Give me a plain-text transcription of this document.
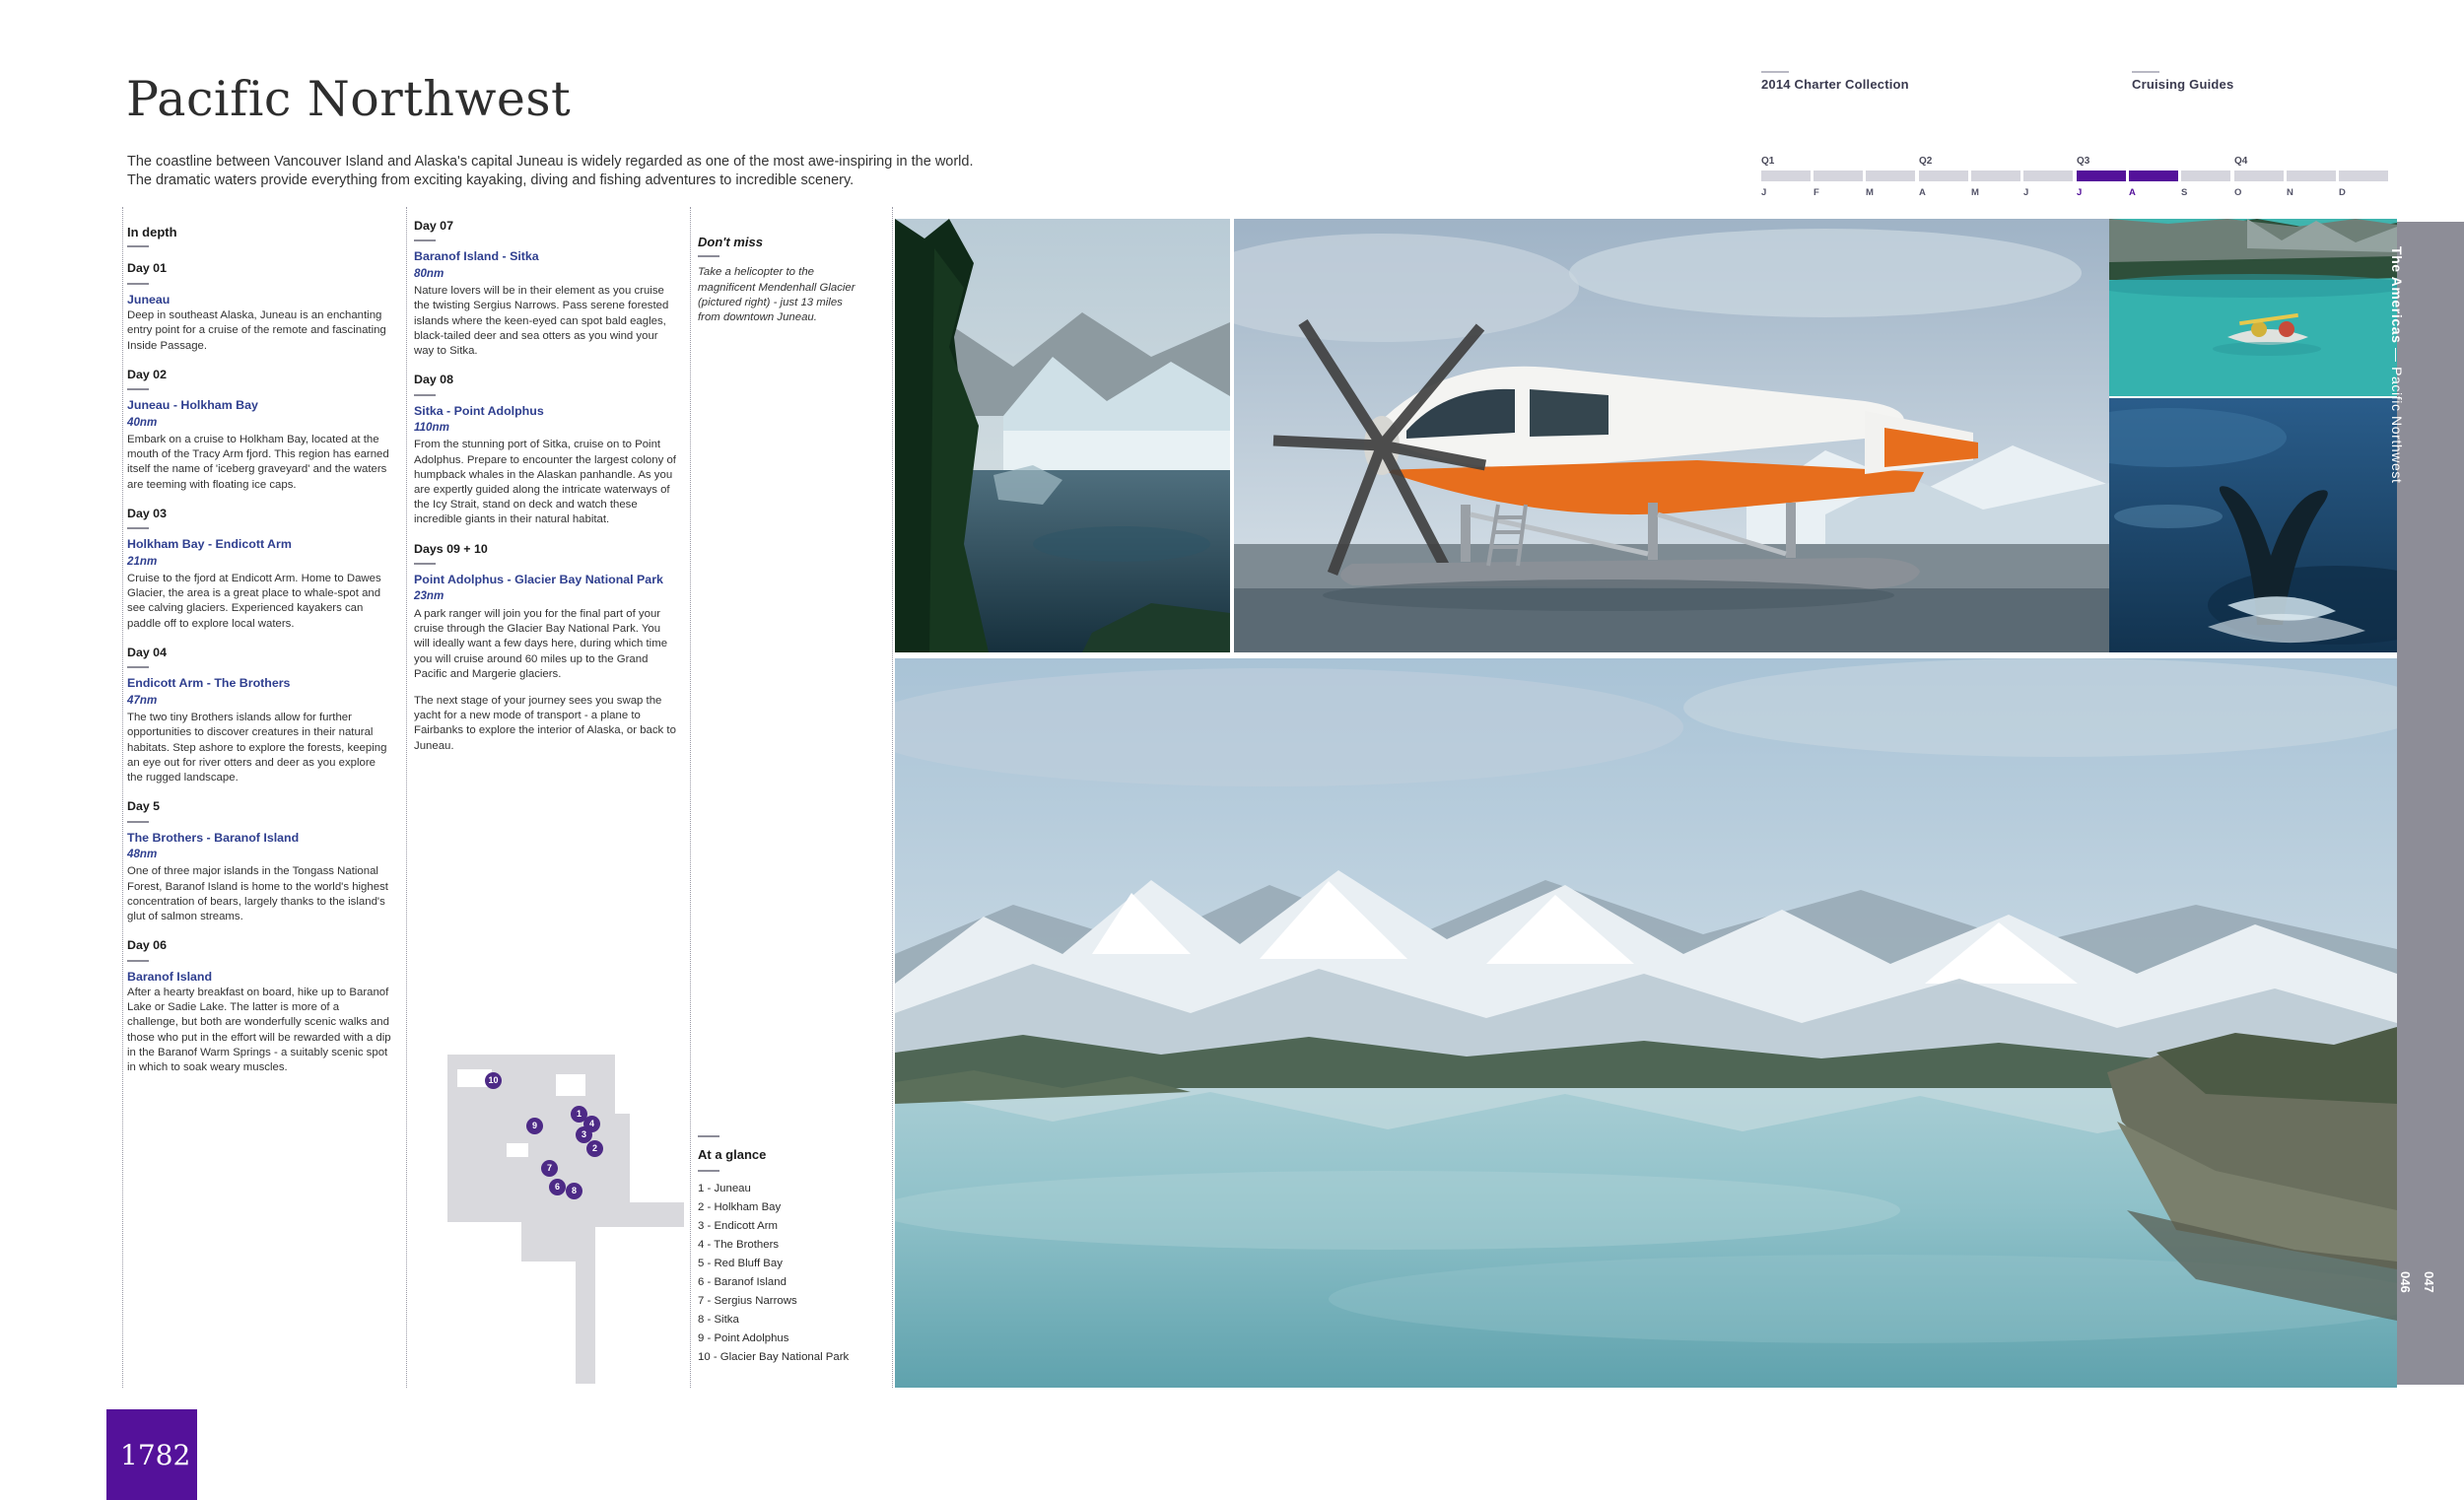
Pacific Northwest
The coastline between Vancouver Island and Alaska's capital Juneau is widely regarded as one of the most awe-inspiring in the world. The dramatic waters provide everything from exciting kayaking, diving and fishing adventures to incredible scenery.
2014 Charter Collection	Cruising Guides
Q1	Q2	Q3	Q4
J	F	M	A	M	J	J	A	S	O	N	D
In depth
Day 01
Juneau
Deep in southeast Alaska, Juneau is an enchanting entry point for a cruise of the remote and fascinating Inside Passage.
Day 02
Juneau - Holkham Bay
40nm
Embark on a cruise to Holkham Bay, located at the mouth of the Tracy Arm fjord. This region has earned itself the name of 'iceberg graveyard' and the waters are teeming with floating ice caps.
Day 03
Holkham Bay - Endicott Arm
21nm
Cruise to the fjord at Endicott Arm. Home to Dawes Glacier, the area is a great place to whale-spot and see calving glaciers. Experienced kayakers can paddle off to explore local waters.
Day 04
Endicott Arm - The Brothers
47nm
The two tiny Brothers islands allow for further opportunities to discover creatures in their natural habitats. Step ashore to explore the forests, keeping an eye out for river otters and deer as you explore the rugged landscape.
Day 5
The Brothers - Baranof Island
48nm
One of three major islands in the Tongass National Forest, Baranof Island is home to the world's highest concentration of bears, largely thanks to the island's glut of salmon streams.
Day 06
Baranof Island
After a hearty breakfast on board, hike up to Baranof Lake or Sadie Lake. The latter is more of a challenge, but both are wonderfully scenic walks and those who put in the effort will be rewarded with a dip in the Baranof Warm Springs - a suitably scenic spot in which to soak weary muscles.
Day 07
Baranof Island - Sitka
80nm
Nature lovers will be in their element as you cruise the twisting Sergius Narrows. Pass serene forested islands where the keen-eyed can spot bald eagles, black-tailed deer and sea otters as you wind your way to Sitka.
Day 08
Sitka - Point Adolphus
110nm
From the stunning port of Sitka, cruise on to Point Adolphus. Prepare to encounter the largest colony of humpback whales in the Alaskan panhandle. As you are expertly guided along the intricate waterways of the Icy Strait, stand on deck and watch these incredible giants in their natural habitat.
Days 09 + 10
Point Adolphus - Glacier Bay National Park
23nm
A park ranger will join you for the final part of your cruise through the Glacier Bay National Park. You will ideally want a few days here, during which time you will cruise around 60 miles up to the Grand Pacific and Margerie glaciers.
The next stage of your journey sees you swap the yacht for a new mode of transport - a plane to Fairbanks to explore the interior of Alaska, or back to Juneau.
Don't miss
Take a helicopter to the magnificent Mendenhall Glacier (pictured right) - just 13 miles from downtown Juneau.
10
9
1
4
3
2
7
6	8
At a glance
1 - Juneau
2 - Holkham Bay
3 - Endicott Arm
4 - The Brothers
5 - Red Bluff Bay
6 - Baranof Island
7 - Sergius Narrows
8 - Sitka
9 - Point Adolphus
10 - Glacier Bay National Park
The Americas — Pacific Northwest
046 047
1782
